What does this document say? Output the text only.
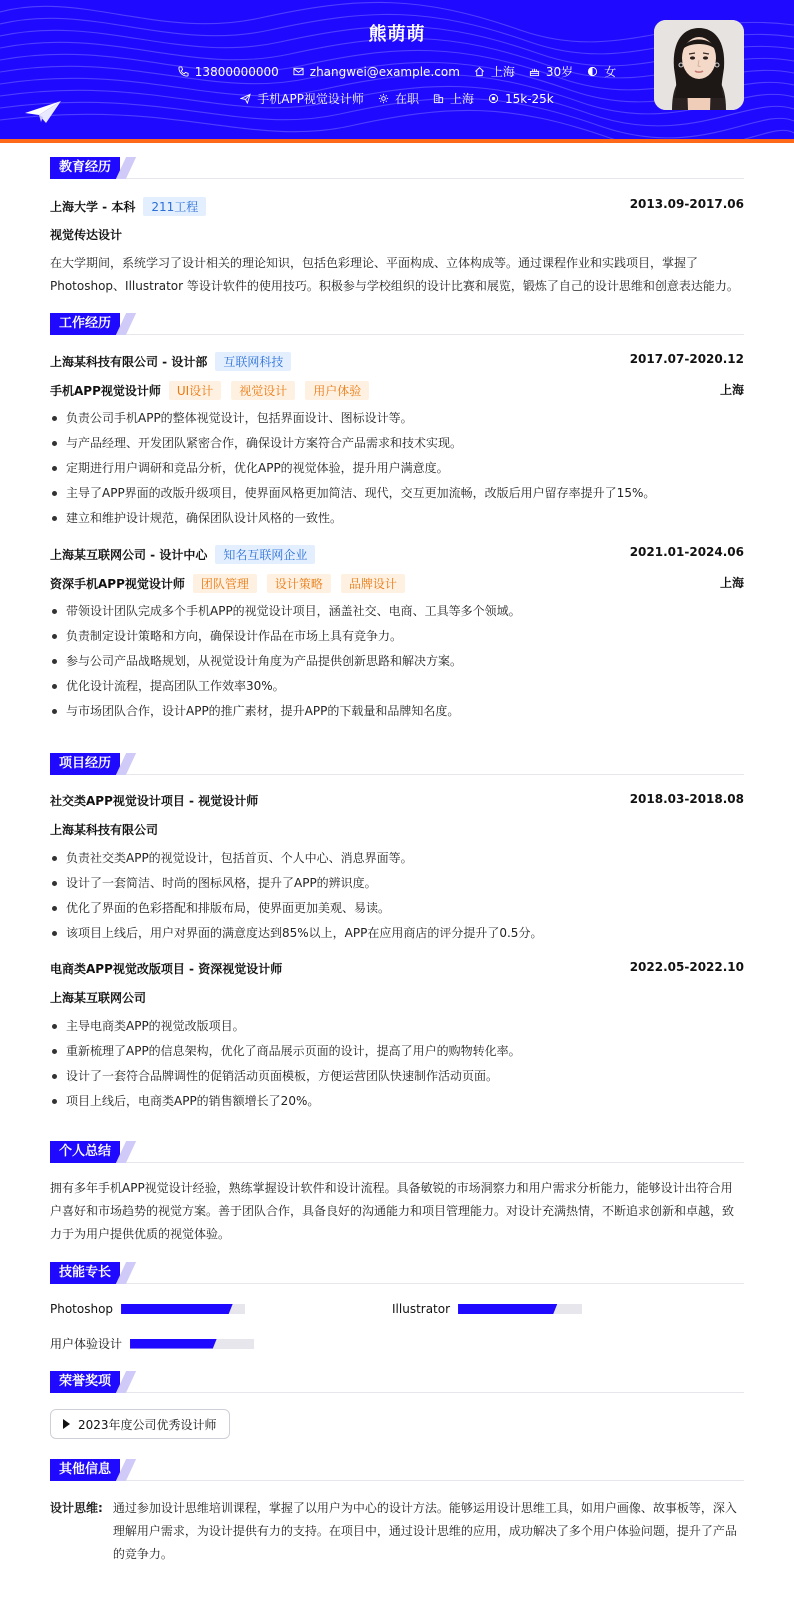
熊萌萌
13800000000	zhangwei@example.com	上海	30岁	女
手机APP视觉设计师	在职	上海	15k-25k
教育经历
上海大学 - 本科	211工程	2013.09-2017.06
视觉传达设计
在大学期间，系统学习了设计相关的理论知识，包括色彩理论、平面构成、立体构成等。通过课程作业和实践项目，掌握了 Photoshop、Illustrator 等设计软件的使用技巧。积极参与学校组织的设计比赛和展览，锻炼了自己的设计思维和创意表达能力。
工作经历
上海某科技有限公司 - 设计部	互联网科技	2017.07-2020.12
手机APP视觉设计师	UI设计	视觉设计	用户体验	上海
负责公司手机APP的整体视觉设计，包括界面设计、图标设计等。
与产品经理、开发团队紧密合作，确保设计方案符合产品需求和技术实现。
定期进行用户调研和竞品分析，优化APP的视觉体验，提升用户满意度。
主导了APP界面的改版升级项目，使界面风格更加简洁、现代，交互更加流畅，改版后用户留存率提升了15%。
建立和维护设计规范，确保团队设计风格的一致性。
上海某互联网公司 - 设计中心	知名互联网企业	2021.01-2024.06
资深手机APP视觉设计师	团队管理	设计策略	品牌设计	上海
带领设计团队完成多个手机APP的视觉设计项目，涵盖社交、电商、工具等多个领域。
负责制定设计策略和方向，确保设计作品在市场上具有竞争力。
参与公司产品战略规划，从视觉设计角度为产品提供创新思路和解决方案。
优化设计流程，提高团队工作效率30%。
与市场团队合作，设计APP的推广素材，提升APP的下载量和品牌知名度。
项目经历
社交类APP视觉设计项目 - 视觉设计师	2018.03-2018.08
上海某科技有限公司
负责社交类APP的视觉设计，包括首页、个人中心、消息界面等。
设计了一套简洁、时尚的图标风格，提升了APP的辨识度。
优化了界面的色彩搭配和排版布局，使界面更加美观、易读。
该项目上线后，用户对界面的满意度达到85%以上，APP在应用商店的评分提升了0.5分。
电商类APP视觉改版项目 - 资深视觉设计师	2022.05-2022.10
上海某互联网公司
主导电商类APP的视觉改版项目。
重新梳理了APP的信息架构，优化了商品展示页面的设计，提高了用户的购物转化率。
设计了一套符合品牌调性的促销活动页面模板，方便运营团队快速制作活动页面。
项目上线后，电商类APP的销售额增长了20%。
个人总结
拥有多年手机APP视觉设计经验，熟练掌握设计软件和设计流程。具备敏锐的市场洞察力和用户需求分析能力，能够设计出符合用
户喜好和市场趋势的视觉方案。善于团队合作，具备良好的沟通能力和项目管理能力。对设计充满热情，不断追求创新和卓越，致
力于为用户提供优质的视觉体验。
技能专长
Photoshop	Illustrator
用户体验设计
荣誉奖项
2023年度公司优秀设计师
其他信息
设计思维: 通过参加设计思维培训课程，掌握了以用户为中心的设计方法。能够运用设计思维工具，如用户画像、故事板等，深入
理解用户需求，为设计提供有力的支持。在项目中，通过设计思维的应用，成功解决了多个用户体验问题，提升了产品
的竞争力。
